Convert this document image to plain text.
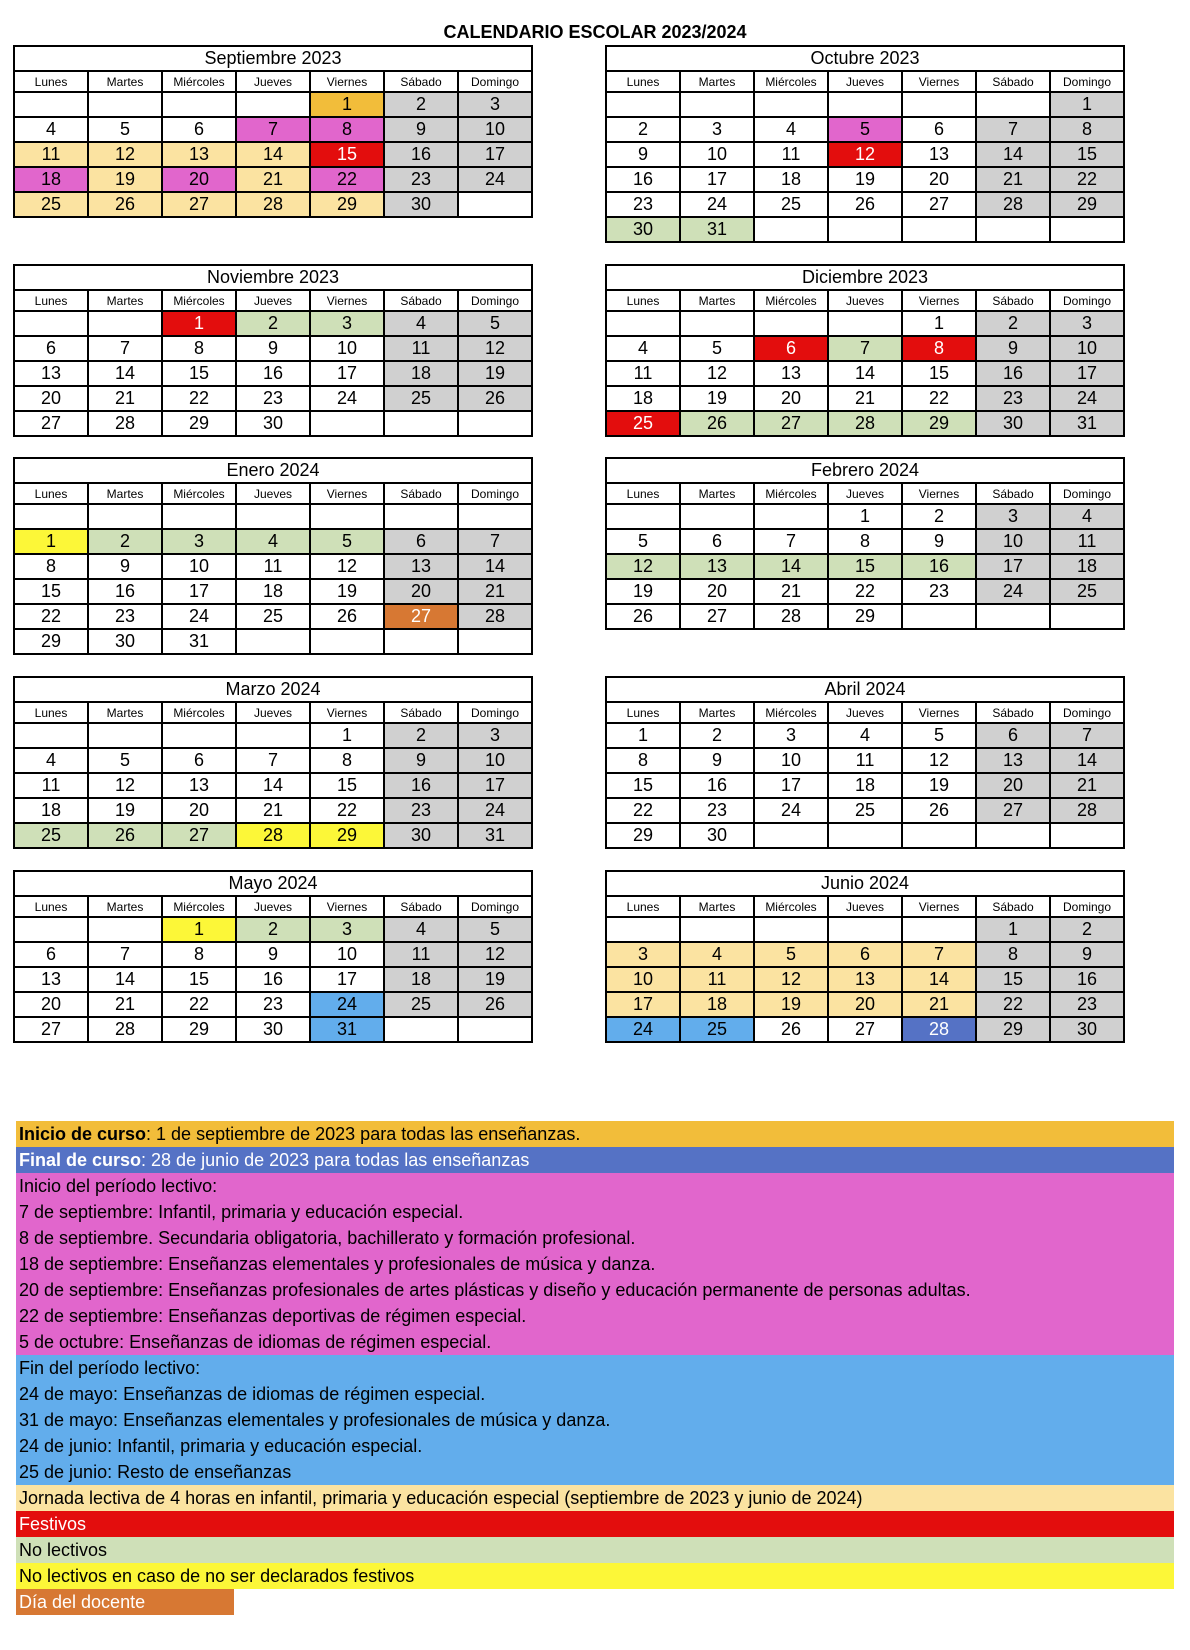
CALENDARIO ESCOLAR 2023/2024
Septiembre 2023						
Lunes	Martes	Miércoles	Jueves	Viernes	Sábado	Domingo
				1	2	3
4	5	6	7	8	9	10
11	12	13	14	15	16	17
18	19	20	21	22	23	24
25	26	27	28	29	30	
Octubre 2023						
Lunes	Martes	Miércoles	Jueves	Viernes	Sábado	Domingo
						1
2	3	4	5	6	7	8
9	10	11	12	13	14	15
16	17	18	19	20	21	22
23	24	25	26	27	28	29
30	31					
Noviembre 2023						
Lunes	Martes	Miércoles	Jueves	Viernes	Sábado	Domingo
		1	2	3	4	5
6	7	8	9	10	11	12
13	14	15	16	17	18	19
20	21	22	23	24	25	26
27	28	29	30			
Diciembre 2023						
Lunes	Martes	Miércoles	Jueves	Viernes	Sábado	Domingo
				1	2	3
4	5	6	7	8	9	10
11	12	13	14	15	16	17
18	19	20	21	22	23	24
25	26	27	28	29	30	31
Enero 2024						
Lunes	Martes	Miércoles	Jueves	Viernes	Sábado	Domingo

1	2	3	4	5	6	7
8	9	10	11	12	13	14
15	16	17	18	19	20	21
22	23	24	25	26	27	28
29	30	31				
Febrero 2024						
Lunes	Martes	Miércoles	Jueves	Viernes	Sábado	Domingo
			1	2	3	4
5	6	7	8	9	10	11
12	13	14	15	16	17	18
19	20	21	22	23	24	25
26	27	28	29			
Marzo 2024						
Lunes	Martes	Miércoles	Jueves	Viernes	Sábado	Domingo
				1	2	3
4	5	6	7	8	9	10
11	12	13	14	15	16	17
18	19	20	21	22	23	24
25	26	27	28	29	30	31
Abril 2024						
Lunes	Martes	Miércoles	Jueves	Viernes	Sábado	Domingo
1	2	3	4	5	6	7
8	9	10	11	12	13	14
15	16	17	18	19	20	21
22	23	24	25	26	27	28
29	30					
Mayo 2024						
Lunes	Martes	Miércoles	Jueves	Viernes	Sábado	Domingo
		1	2	3	4	5
6	7	8	9	10	11	12
13	14	15	16	17	18	19
20	21	22	23	24	25	26
27	28	29	30	31		
Junio 2024						
Lunes	Martes	Miércoles	Jueves	Viernes	Sábado	Domingo
					1	2
3	4	5	6	7	8	9
10	11	12	13	14	15	16
17	18	19	20	21	22	23
24	25	26	27	28	29	30
Inicio de curso: 1 de septiembre de 2023 para todas las enseñanzas.
Final de curso: 28 de junio de 2023 para todas las enseñanzas
Inicio del período lectivo:
7 de septiembre: Infantil, primaria y educación especial.
8 de septiembre. Secundaria obligatoria, bachillerato y formación profesional.
18 de septiembre: Enseñanzas elementales y profesionales de música y danza.
20 de septiembre: Enseñanzas profesionales de artes plásticas y diseño y educación permanente de personas adultas.
22 de septiembre: Enseñanzas deportivas de régimen especial.
5 de octubre: Enseñanzas de idiomas de régimen especial.
Fin del período lectivo:
24 de mayo: Enseñanzas de idiomas de régimen especial.
31 de mayo: Enseñanzas elementales y profesionales de música y danza.
24 de junio: Infantil, primaria y educación especial.
25 de junio: Resto de enseñanzas
Jornada lectiva de 4 horas en infantil, primaria y educación especial (septiembre de 2023 y junio de 2024)
Festivos
No lectivos
No lectivos en caso de no ser declarados festivos
Día del docente
